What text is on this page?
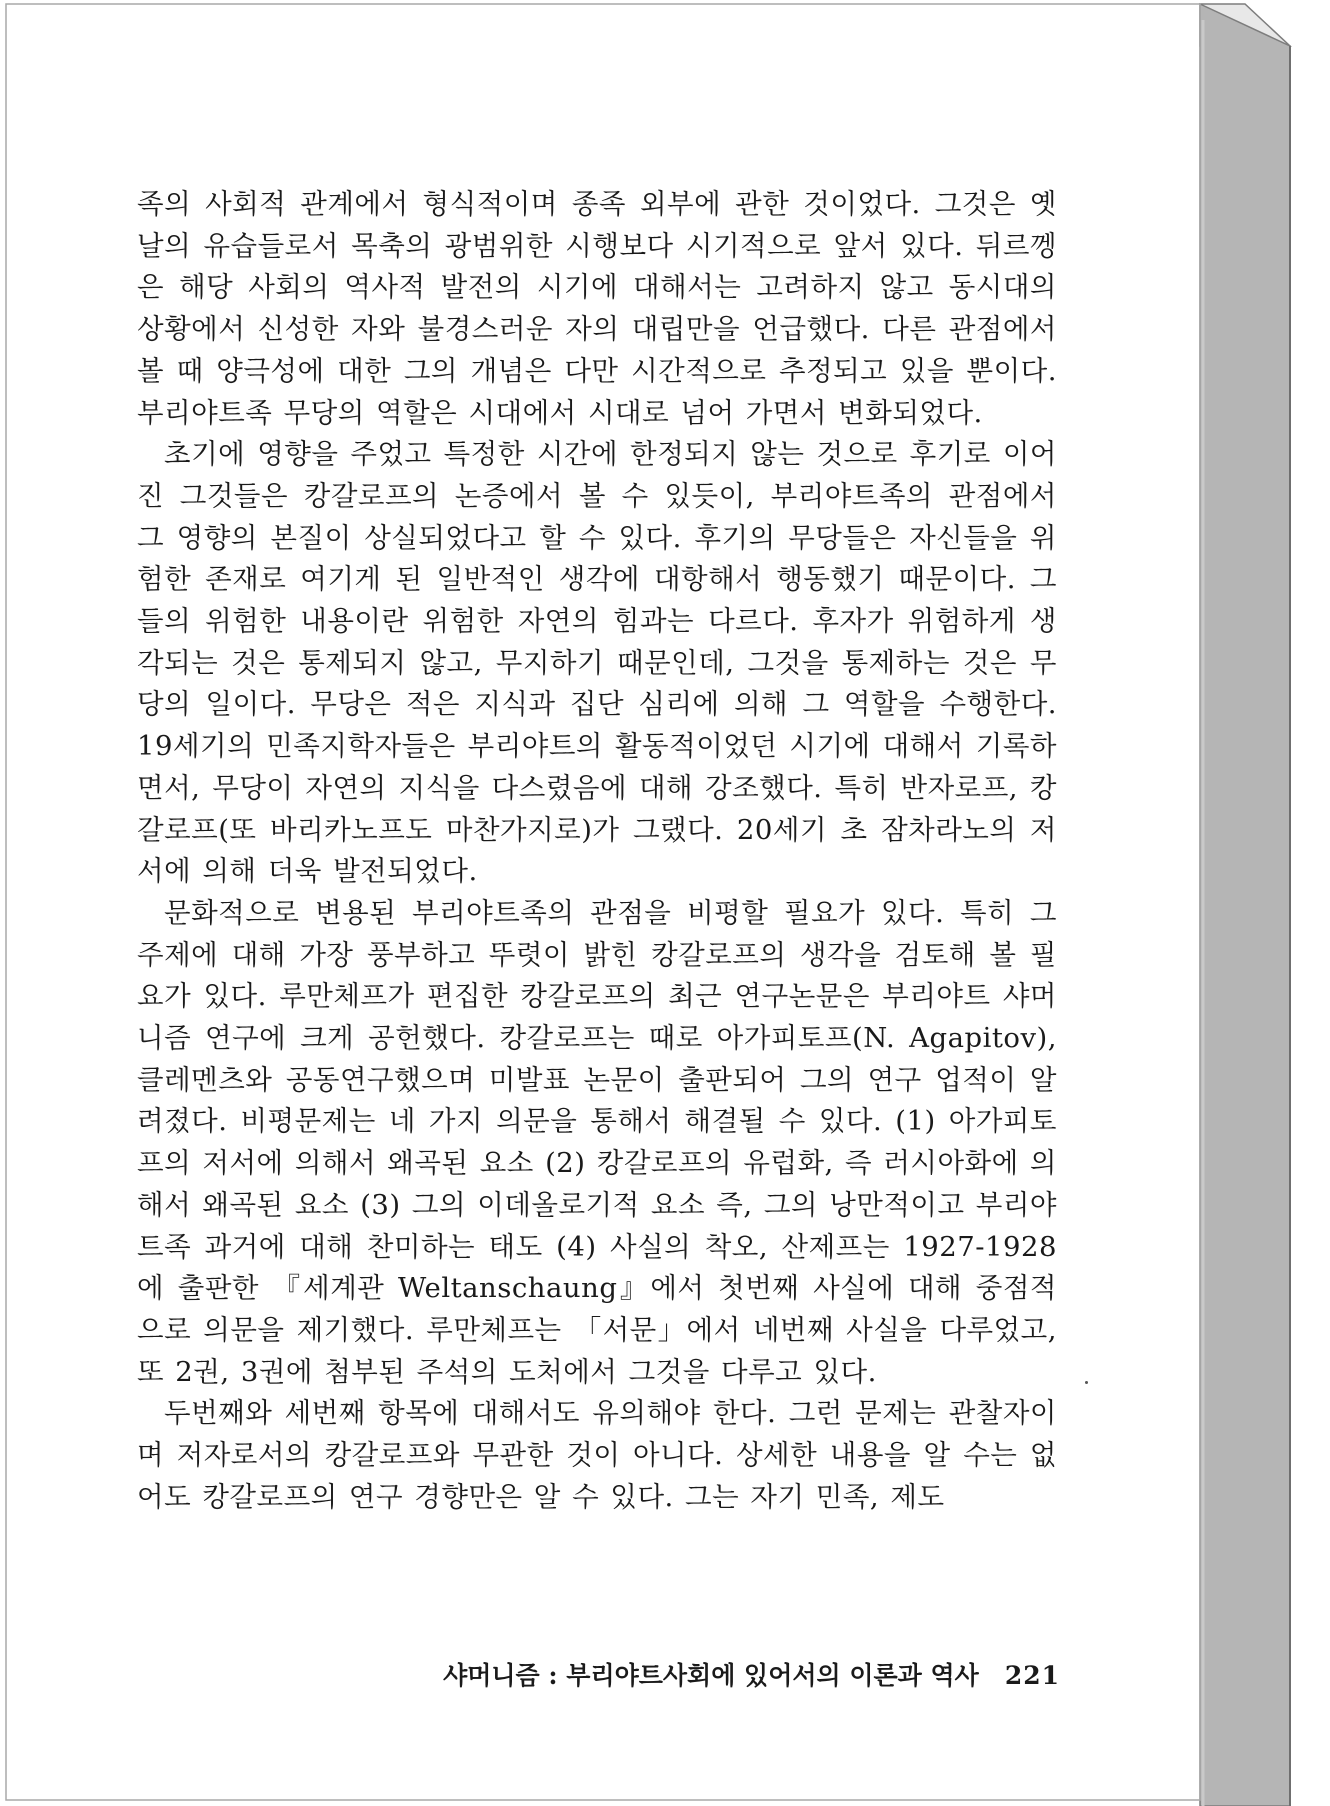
족의 사회적 관계에서 형식적이며 종족 외부에 관한 것이었다. 그것은 옛날의 유습들로서 목축의 광범위한 시행보다 시기적으로 앞서 있다. 뒤르껭은 해당 사회의 역사적 발전의 시기에 대해서는 고려하지 않고 동시대의 상황에서 신성한 자와 불경스러운 자의 대립만을 언급했다. 다른 관점에서 볼 때 양극성에 대한 그의 개념은 다만 시간적으로 추정되고 있을 뿐이다. 부리야트족 무당의 역할은 시대에서 시대로 넘어 가면서 변화되었다.

초기에 영향을 주었고 특정한 시간에 한정되지 않는 것으로 후기로 이어진 그것들은 캉갈로프의 논증에서 볼 수 있듯이, 부리야트족의 관점에서 그 영향의 본질이 상실되었다고 할 수 있다. 후기의 무당들은 자신들을 위험한 존재로 여기게 된 일반적인 생각에 대항해서 행동했기 때문이다. 그들의 위험한 내용이란 위험한 자연의 힘과는 다르다. 후자가 위험하게 생각되는 것은 통제되지 않고, 무지하기 때문인데, 그것을 통제하는 것은 무당의 일이다. 무당은 적은 지식과 집단 심리에 의해 그 역할을 수행한다. 19세기의 민족지학자들은 부리야트의 활동적이었던 시기에 대해서 기록하면서, 무당이 자연의 지식을 다스렸음에 대해 강조했다. 특히 반자로프, 캉갈로프(또 바리카노프도 마찬가지로)가 그랬다. 20세기 초 잠차라노의 저서에 의해 더욱 발전되었다.

문화적으로 변용된 부리야트족의 관점을 비평할 필요가 있다. 특히 그 주제에 대해 가장 풍부하고 뚜렷이 밝힌 캉갈로프의 생각을 검토해 볼 필요가 있다. 루만체프가 편집한 캉갈로프의 최근 연구논문은 부리야트 샤머니즘 연구에 크게 공헌했다. 캉갈로프는 때로 아가피토프(N. Agapitov), 클레멘츠와 공동연구했으며 미발표 논문이 출판되어 그의 연구 업적이 알려졌다. 비평문제는 네 가지 의문을 통해서 해결될 수 있다. (1) 아가피토프의 저서에 의해서 왜곡된 요소 (2) 캉갈로프의 유럽화, 즉 러시아화에 의해서 왜곡된 요소 (3) 그의 이데올로기적 요소 즉, 그의 낭만적이고 부리야트족 과거에 대해 찬미하는 태도 (4) 사실의 착오, 산제프는 1927-1928에 출판한 『세계관 Weltanschaung』에서 첫번째 사실에 대해 중점적으로 의문을 제기했다. 루만체프는 「서문」에서 네번째 사실을 다루었고, 또 2권, 3권에 첨부된 주석의 도처에서 그것을 다루고 있다.

두번째와 세번째 항목에 대해서도 유의해야 한다. 그런 문제는 관찰자이며 저자로서의 캉갈로프와 무관한 것이 아니다. 상세한 내용을 알 수는 없어도 캉갈로프의 연구 경향만은 알 수 있다. 그는 자기 민족, 제도

샤머니즘 : 부리야트사회에 있어서의 이론과 역사 221
